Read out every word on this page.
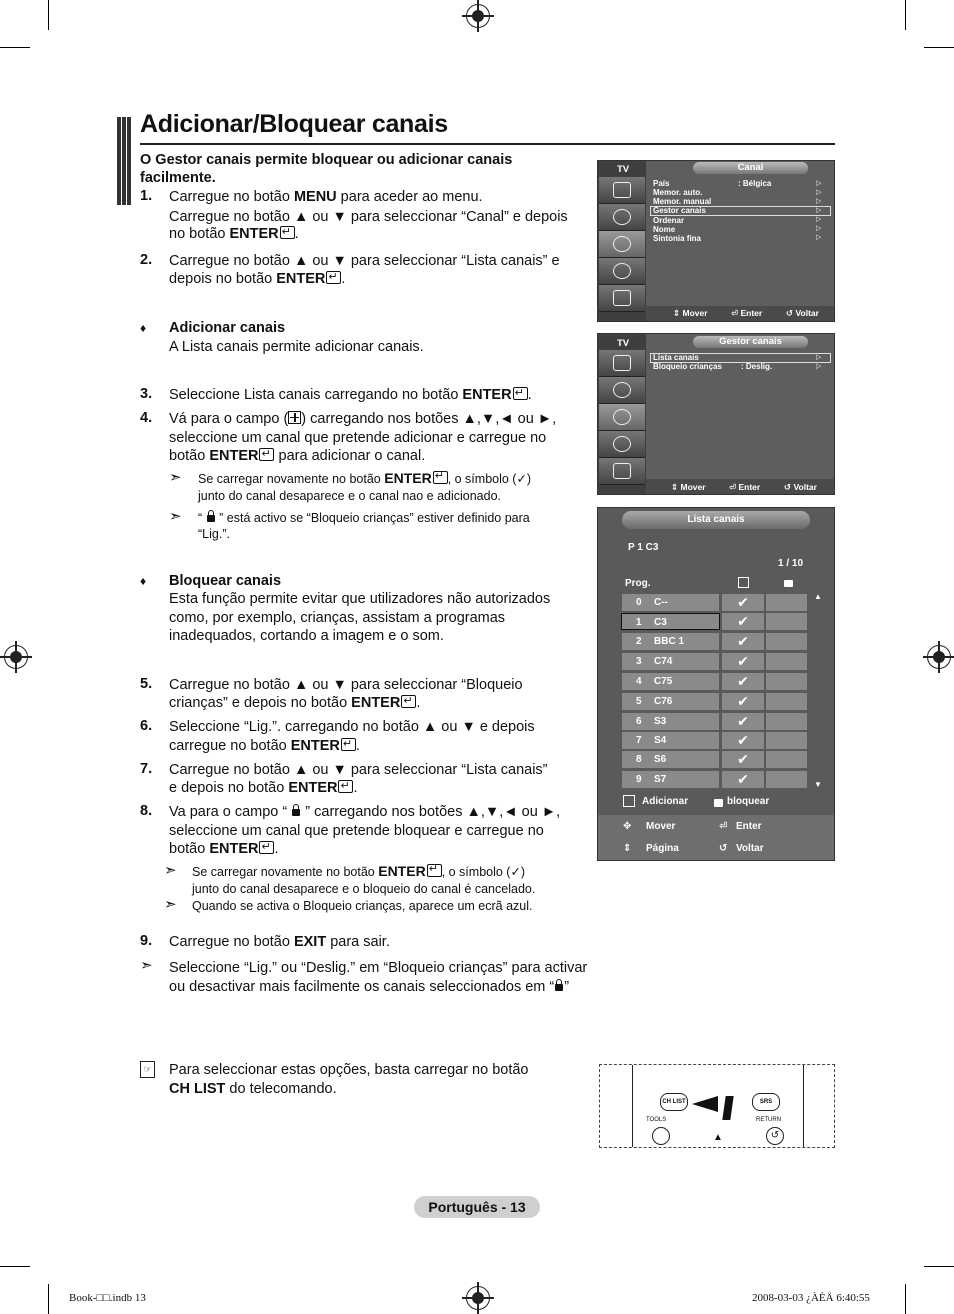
Adicionar/Bloquear canais
O Gestor canais permite bloquear ou adicionar canais facilmente.
1. Carregue no botão MENU para aceder ao menu.
Carregue no botão ▲ ou ▼ para seleccionar “Canal” e depois
no botão ENTER ↵ .
2. Carregue no botão ▲ ou ▼ para seleccionar “Lista canais” e
depois no botão ENTER ↵ .
♦ Adicionar canais
A Lista canais permite adicionar canais.
3. Seleccione Lista canais carregando no botão ENTER ↵ .
4. Vá para o campo ( ) carregando nos botões ▲,▼,◄ ou ►,
seleccione um canal que pretende adicionar e carregue no
botão ENTER↵ para adicionar o canal.
➣ Se carregar novamente no botão ENTER ↵ , o símbolo (✓)
junto do canal desaparece e o canal nao e adicionado.
➣ “ ” está activo se “Bloqueio crianças” estiver definido para
“Lig.”.
♦ Bloquear canais
Esta função permite evitar que utilizadores não autorizados
como, por exemplo, crianças, assistam a programas
inadequados, cortando a imagem e o som.
5. Carregue no botão ▲ ou ▼ para seleccionar “Bloqueio
crianças” e depois no botão ENTER ↵ .
6. Seleccione “Lig.”. carregando no botão ▲ ou ▼ e depois
carregue no botão ENTER ↵ .
7. Carregue no botão ▲ ou ▼ para seleccionar “Lista canais”
e depois no botão ENTER ↵ .
8. Va para o campo “ ” carregando nos botões ▲,▼,◄ ou ►,
seleccione um canal que pretende bloquear e carregue no
botão ENTER ↵ .
➣ Se carregar novamente no botão ENTER ↵ , o símbolo (✓)
junto do canal desaparece e o bloqueio do canal é cancelado.
➣ Quando se activa o Bloqueio crianças, aparece um ecrã azul.
9. Carregue no botão EXIT para sair.
➣ Seleccione “Lig.” ou “Deslig.” em “Bloqueio crianças” para activar
ou desactivar mais facilmente os canais seleccionados em “ ”
☞ Para seleccionar estas opções, basta carregar no botão
CH LIST do telecomando.
TV	Canal
País	: Bélgica
Memor. auto.
Memor. manual
Gestor canais
Ordenar
Nome
Sintonia fina
▷
▷
▷
▷
▷
▷
▷
⇕ Mover	⏎ Enter	↺ Voltar
TV	Gestor canais
Lista canais
Bloqueio crianças : Deslig.
▷
▷
⇕ Mover	⏎ Enter	↺ Voltar
Lista canais
P 1 C3
1 / 10
Prog.
0 C--	✔
1 C3	✔
2 BBC 1	✔
3 C74	✔
4 C75	✔
5 C76	✔
6 S3	✔
7 S4	✔
8 S6	✔
9 S7	✔
▲
▼
Adicionar	bloquear
✥ Mover	⏎ Enter
⇕ Página	↺ Voltar
CH LIST	SRS
TOOLS	RETURN
↺
▲
Português - 13
Book-□□.indb 13	2008-03-03 ¿ÀÈÄ 6:40:55
